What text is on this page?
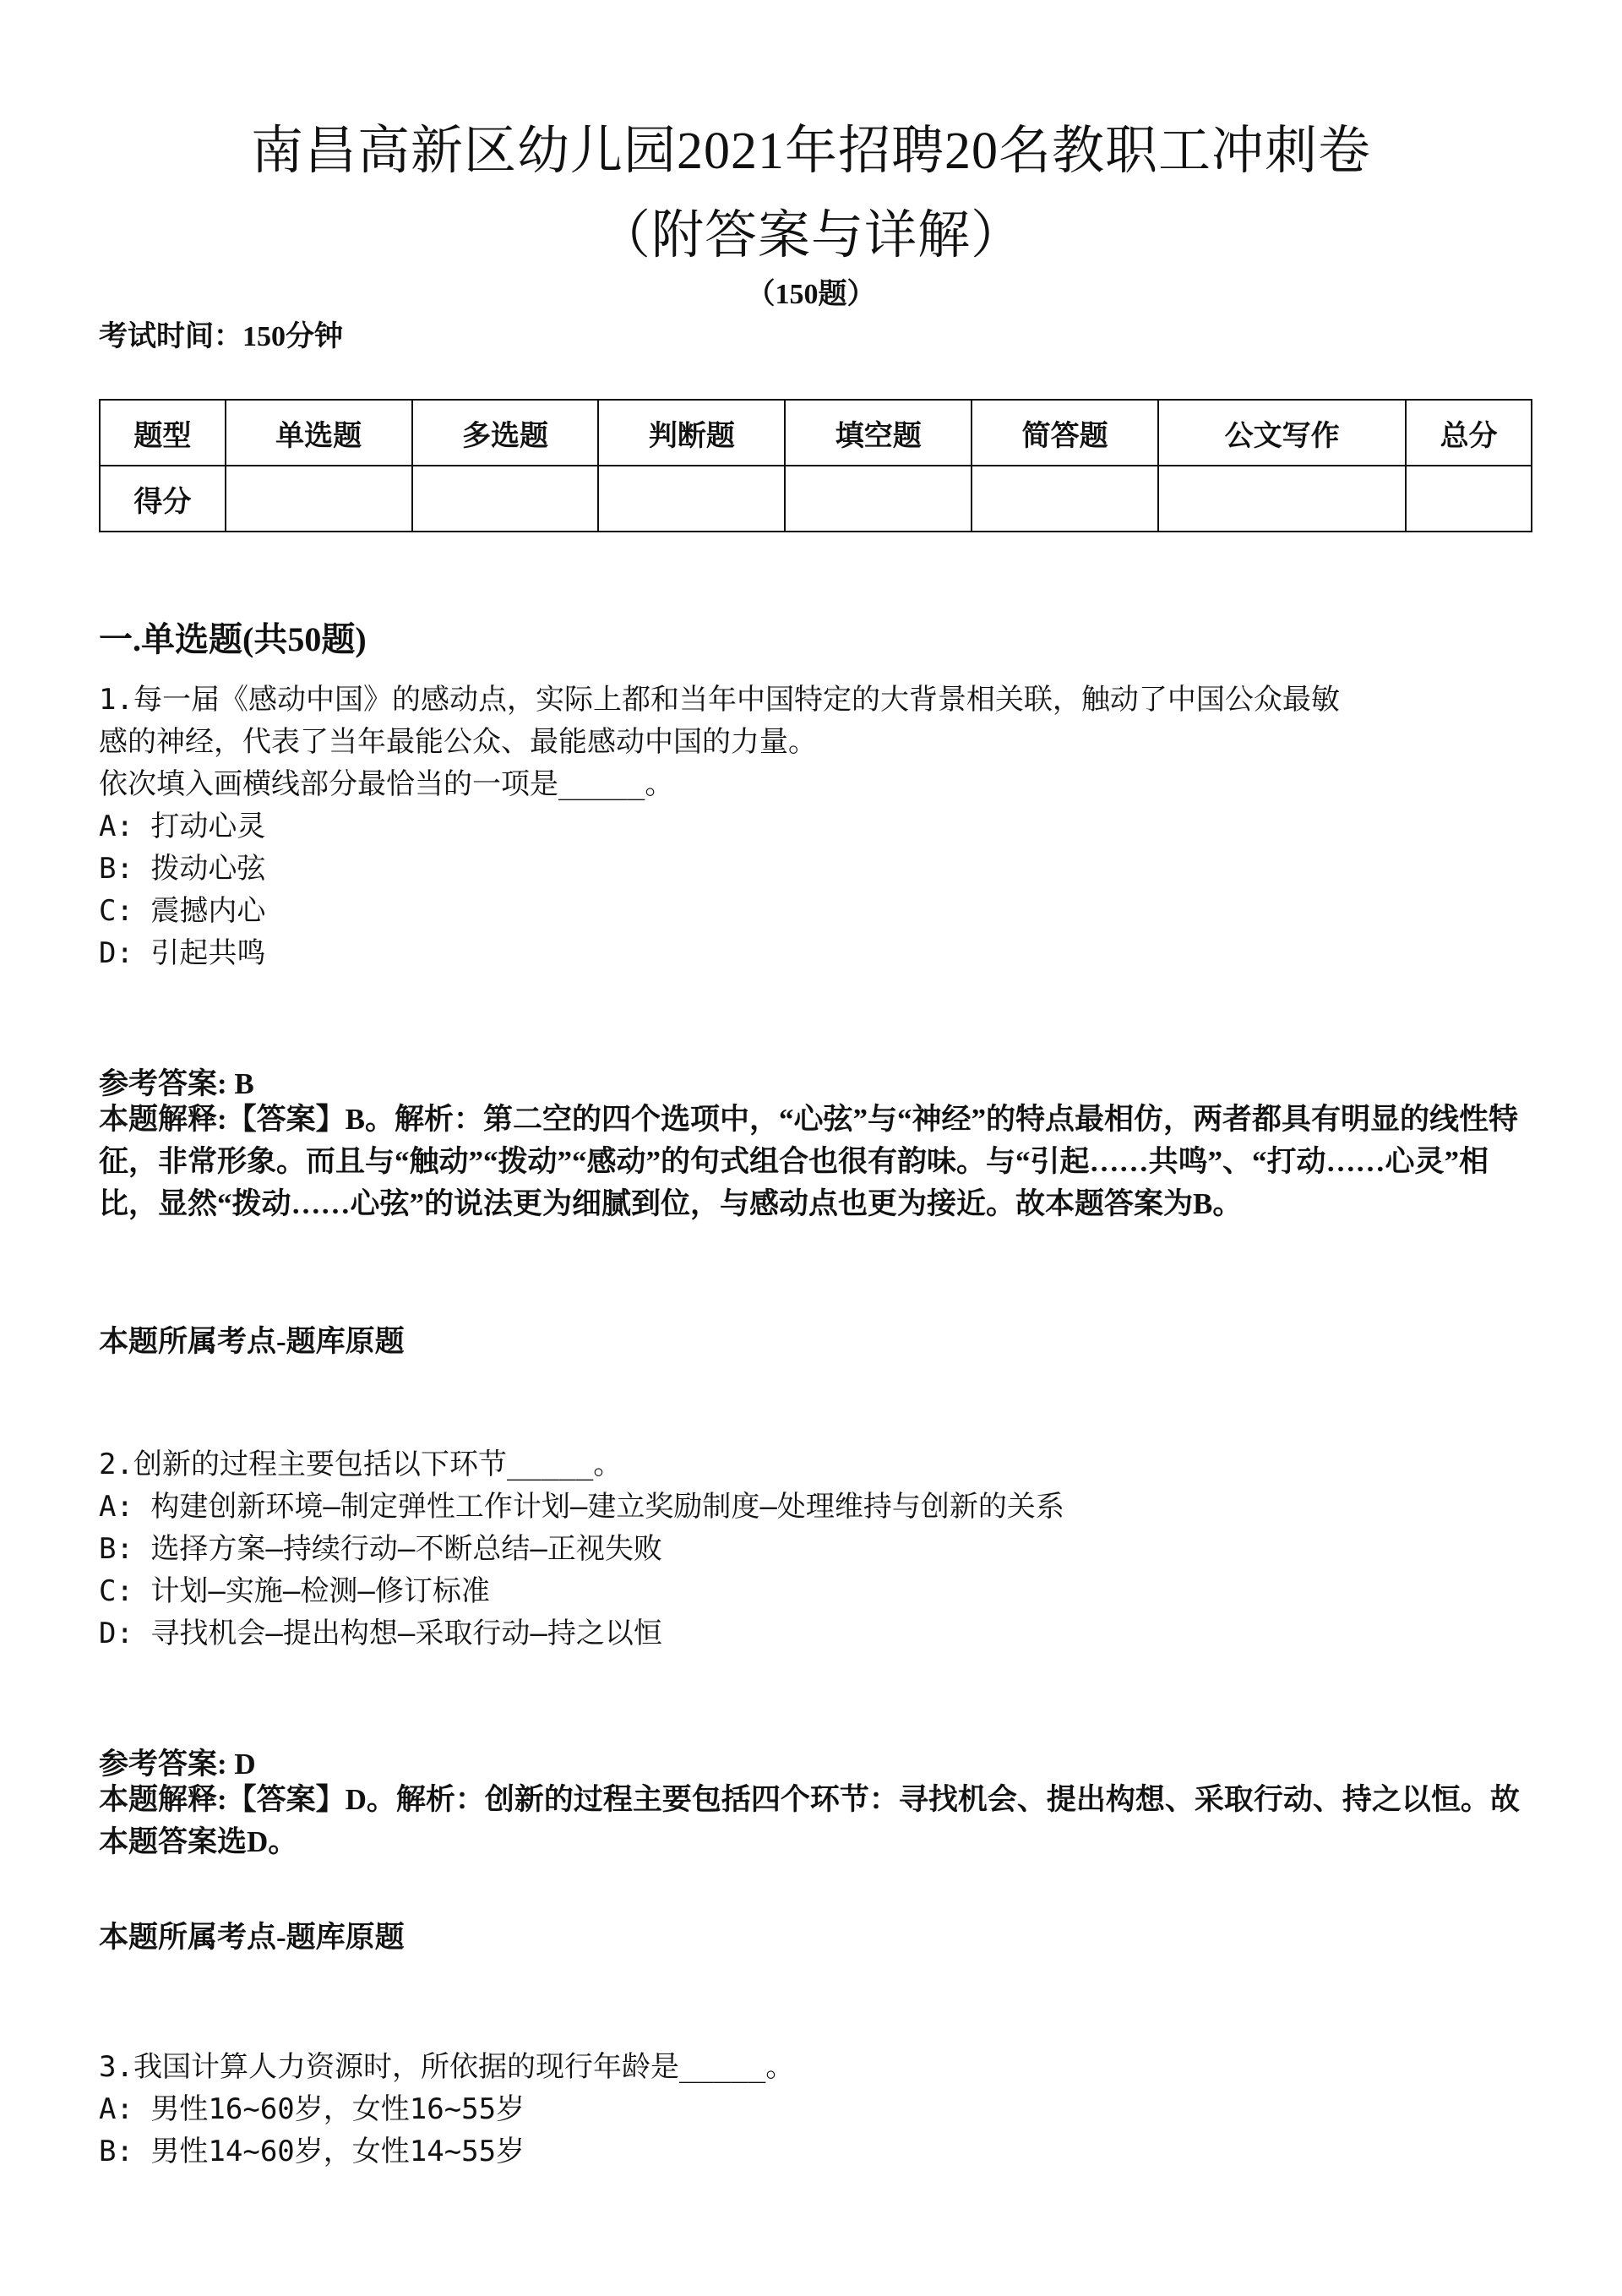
南昌高新区幼儿园2021年招聘20名教职工冲刺卷
（附答案与详解）
（150题）
考试时间：150分钟
题型	单选题	多选题	判断题	填空题	简答题	公文写作	总分
得分							
一.单选题(共50题)
1.每一届《感动中国》的感动点，实际上都和当年中国特定的大背景相关联，触动了中国公众最敏
感的神经，代表了当年最能公众、最能感动中国的力量。
依次填入画横线部分最恰当的一项是_____。
A: 打动心灵
B: 拨动心弦
C: 震撼内心
D: 引起共鸣
参考答案: B
本题解释:【答案】B。解析：第二空的四个选项中，“心弦”与“神经”的特点最相仿，两者都具有明显的线性特征，非常形象。而且与“触动”“拨动”“感动”的句式组合也很有韵味。与“引起……共鸣”、“打动……心灵”相比，显然“拨动……心弦”的说法更为细腻到位，与感动点也更为接近。故本题答案为B。
本题所属考点-题库原题
2.创新的过程主要包括以下环节_____。
A: 构建创新环境—制定弹性工作计划—建立奖励制度—处理维持与创新的关系
B: 选择方案—持续行动—不断总结—正视失败
C: 计划—实施—检测—修订标准
D: 寻找机会—提出构想—采取行动—持之以恒
参考答案: D
本题解释:【答案】D。解析：创新的过程主要包括四个环节：寻找机会、提出构想、采取行动、持之以恒。故本题答案选D。
本题所属考点-题库原题
3.我国计算人力资源时，所依据的现行年龄是_____。
A: 男性16~60岁，女性16~55岁
B: 男性14~60岁，女性14~55岁
